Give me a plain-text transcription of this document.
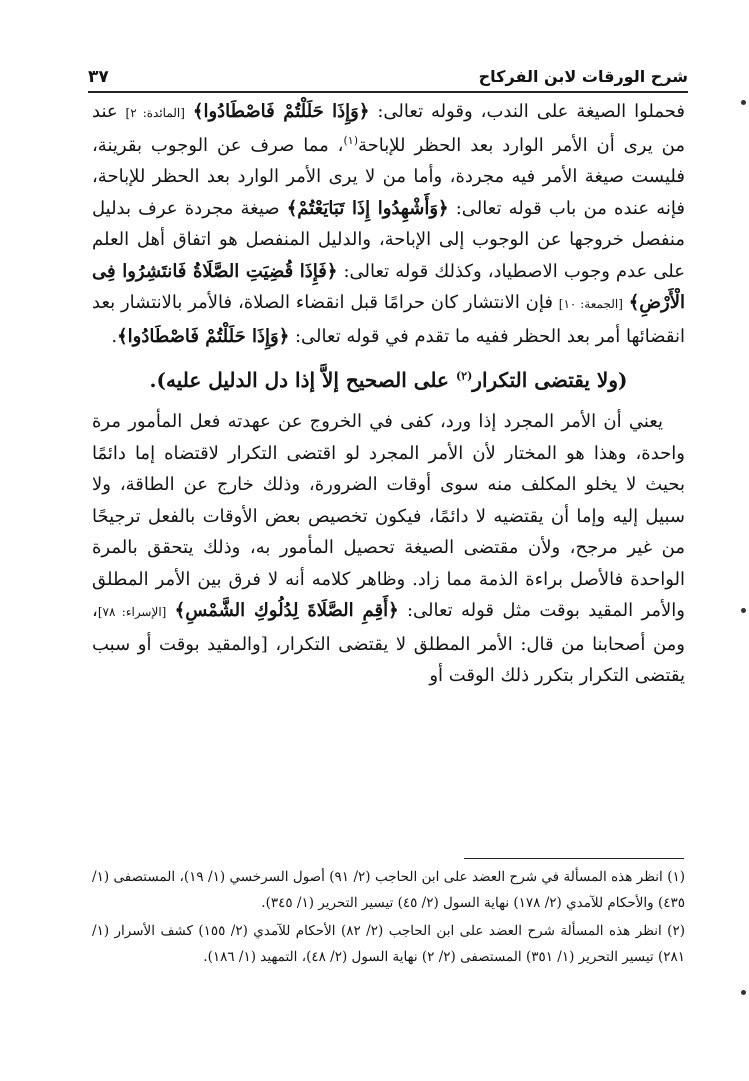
شرح الورقات لابن الفركاح
٣٧

فحملوا الصيغة على الندب، وقوله تعالى: ﴿وَإِذَا حَلَلْتُمْ فَاصْطَادُوا﴾ [المائدة: ٢] عند من يرى أن الأمر الوارد بعد الحظر للإباحة$^{(١)}$، مما صرف عن الوجوب بقرينة، فليست صيغة الأمر فيه مجردة، وأما من لا يرى الأمر الوارد بعد الحظر للإباحة، فإنه عنده من باب قوله تعالى: ﴿وَأَشْهِدُوا إِذَا تَبَايَعْتُمْ﴾ صيغة مجردة عرف بدليل منفصل خروجها عن الوجوب إلى الإباحة، والدليل المنفصل هو اتفاق أهل العلم على عدم وجوب الاصطياد، وكذلك قوله تعالى: ﴿فَإِذَا قُضِيَتِ الصَّلَاةُ فَانتَشِرُوا فِى الْأَرْضِ﴾ [الجمعة: ١٠] فإن الانتشار كان حرامًا قبل انقضاء الصلاة، فالأمر بالانتشار بعد انقضائها أمر بعد الحظر ففيه ما تقدم في قوله تعالى: ﴿وَإِذَا حَلَلْتُمْ فَاصْطَادُوا﴾.

(ولا يقتضى التكرار$^{(٢)}$ على الصحيح إلاَّ إذا دل الدليل عليه).

يعني أن الأمر المجرد إذا ورد، كفى في الخروج عن عهدته فعل المأمور مرة واحدة، وهذا هو المختار لأن الأمر المجرد لو اقتضى التكرار لاقتضاه إما دائمًا بحيث لا يخلو المكلف منه سوى أوقات الضرورة، وذلك خارج عن الطاقة، ولا سبيل إليه وإما أن يقتضيه لا دائمًا، فيكون تخصيص بعض الأوقات بالفعل ترجيحًا من غير مرجح، ولأن مقتضى الصيغة تحصيل المأمور به، وذلك يتحقق بالمرة الواحدة فالأصل براءة الذمة مما زاد. وظاهر كلامه أنه لا فرق بين الأمر المطلق والأمر المقيد بوقت مثل قوله تعالى: ﴿أَقِمِ الصَّلَاةَ لِدُلُوكِ الشَّمْسِ﴾ [الإسراء: ٧٨]، ومن أصحابنا من قال: الأمر المطلق لا يقتضى التكرار، [والمقيد بوقت أو سبب يقتضى التكرار بتكرر ذلك الوقت أو

(١) انظر هذه المسألة في شرح العضد على ابن الحاجب (٢/ ٩١) أصول السرخسي (١/ ١٩)، المستصفى (١/ ٤٣٥) والأحكام للآمدي (٢/ ١٧٨) نهاية السول (٢/ ٤٥) تيسير التحرير (١/ ٣٤٥).

(٢) انظر هذه المسألة شرح العضد على ابن الحاجب (٢/ ٨٢) الأحكام للآمدي (٢/ ١٥٥) كشف الأسرار (١/ ٢٨١) تيسير التحرير (١/ ٣٥١) المستصفى (٢/ ٢) نهاية السول (٢/ ٤٨)، التمهيد (١/ ١٨٦).
